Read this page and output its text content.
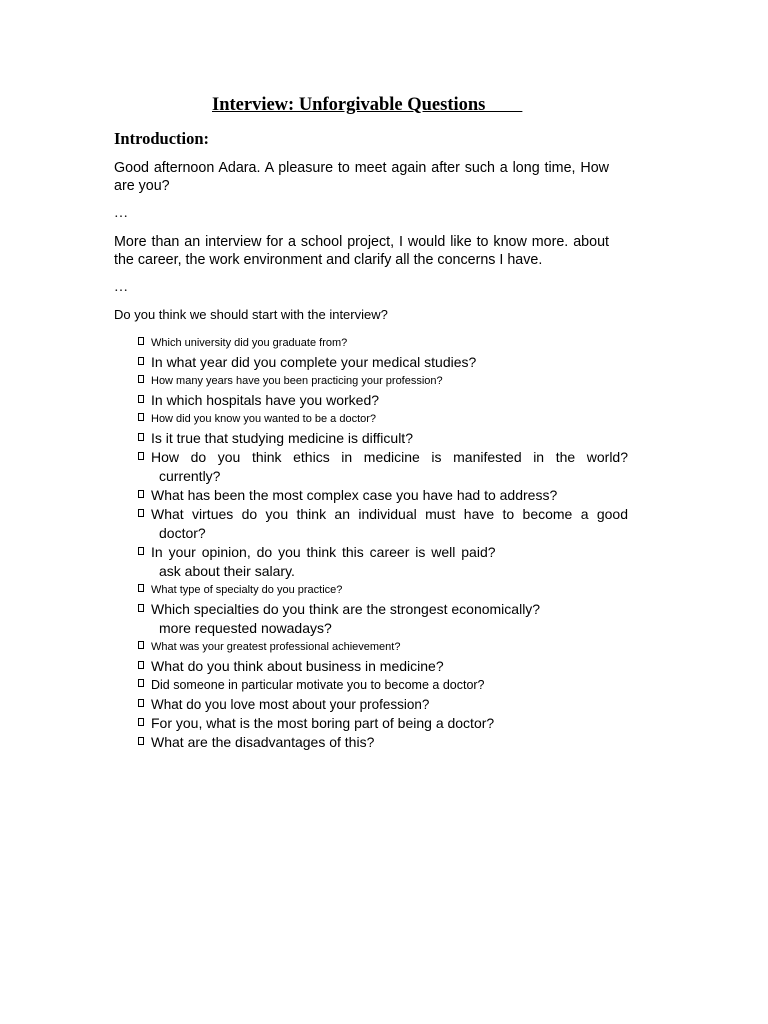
Interview: Unforgivable Questions
Introduction:
Good afternoon Adara. A pleasure to meet again after such a long time, How are you?
…
More than an interview for a school project, I would like to know more. about the career, the work environment and clarify all the concerns I have.
…
Do you think we should start with the interview?
Which university did you graduate from?
In what year did you complete your medical studies?
How many years have you been practicing your profession?
In which hospitals have you worked?
How did you know you wanted to be a doctor?
Is it true that studying medicine is difficult?
How do you think ethics in medicine is manifested in the world?
currently?
What has been the most complex case you have had to address?
What virtues do you think an individual must have to become a good
doctor?
In your opinion, do you think this career is well paid?
ask about their salary.
What type of specialty do you practice?
Which specialties do you think are the strongest economically?
more requested nowadays?
What was your greatest professional achievement?
What do you think about business in medicine?
Did someone in particular motivate you to become a doctor?
What do you love most about your profession?
For you, what is the most boring part of being a doctor?
What are the disadvantages of this?
